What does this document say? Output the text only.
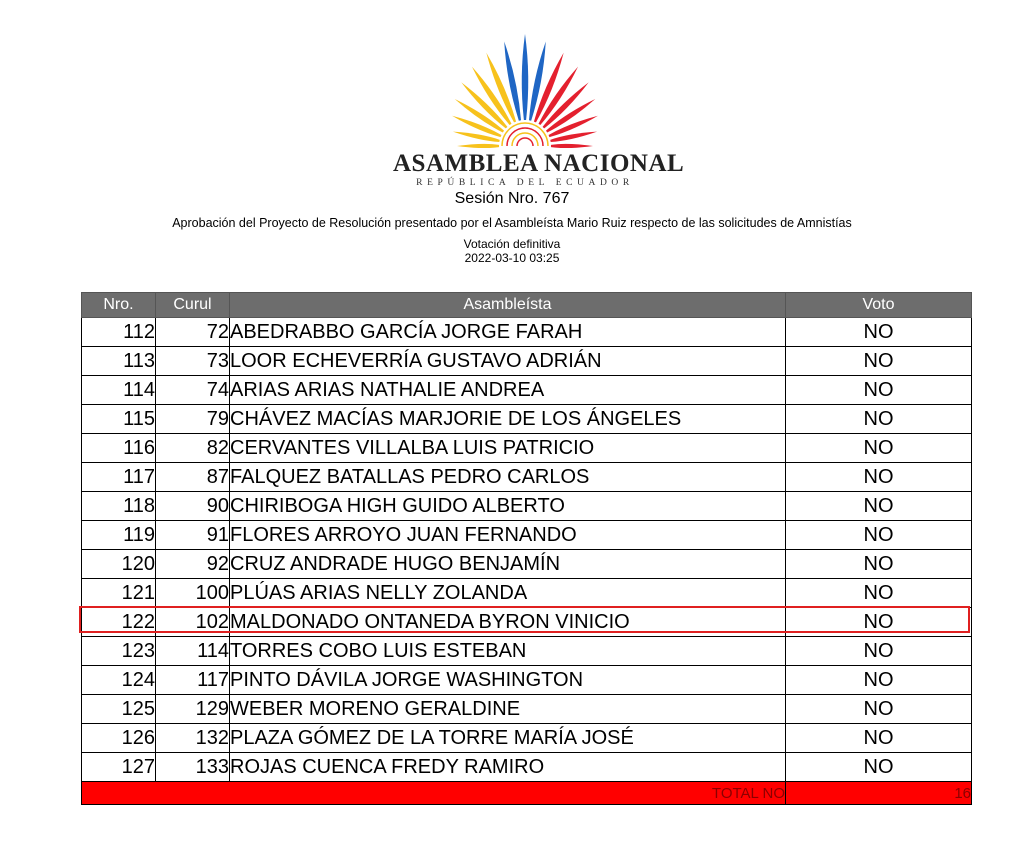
ASAMBLEA NACIONAL
REPÚBLICA DEL ECUADOR
Sesión Nro. 767
Aprobación del Proyecto de Resolución presentado por el Asambleísta Mario Ruiz respecto de las solicitudes de Amnistías
Votación definitiva
2022-03-10 03:25
Nro.	Curul	Asambleísta	Voto
112	72	ABEDRABBO GARCÍA JORGE FARAH	NO
113	73	LOOR ECHEVERRÍA GUSTAVO ADRIÁN	NO
114	74	ARIAS ARIAS NATHALIE ANDREA	NO
115	79	CHÁVEZ MACÍAS MARJORIE DE LOS ÁNGELES	NO
116	82	CERVANTES VILLALBA LUIS PATRICIO	NO
117	87	FALQUEZ BATALLAS PEDRO CARLOS	NO
118	90	CHIRIBOGA HIGH GUIDO ALBERTO	NO
119	91	FLORES ARROYO JUAN FERNANDO	NO
120	92	CRUZ ANDRADE HUGO BENJAMÍN	NO
121	100	PLÚAS ARIAS NELLY ZOLANDA	NO
122	102	MALDONADO ONTANEDA BYRON VINICIO	NO
123	114	TORRES COBO LUIS ESTEBAN	NO
124	117	PINTO DÁVILA JORGE WASHINGTON	NO
125	129	WEBER MORENO GERALDINE	NO
126	132	PLAZA GÓMEZ DE LA TORRE MARÍA JOSÉ	NO
127	133	ROJAS CUENCA FREDY RAMIRO	NO
TOTAL NO			16
